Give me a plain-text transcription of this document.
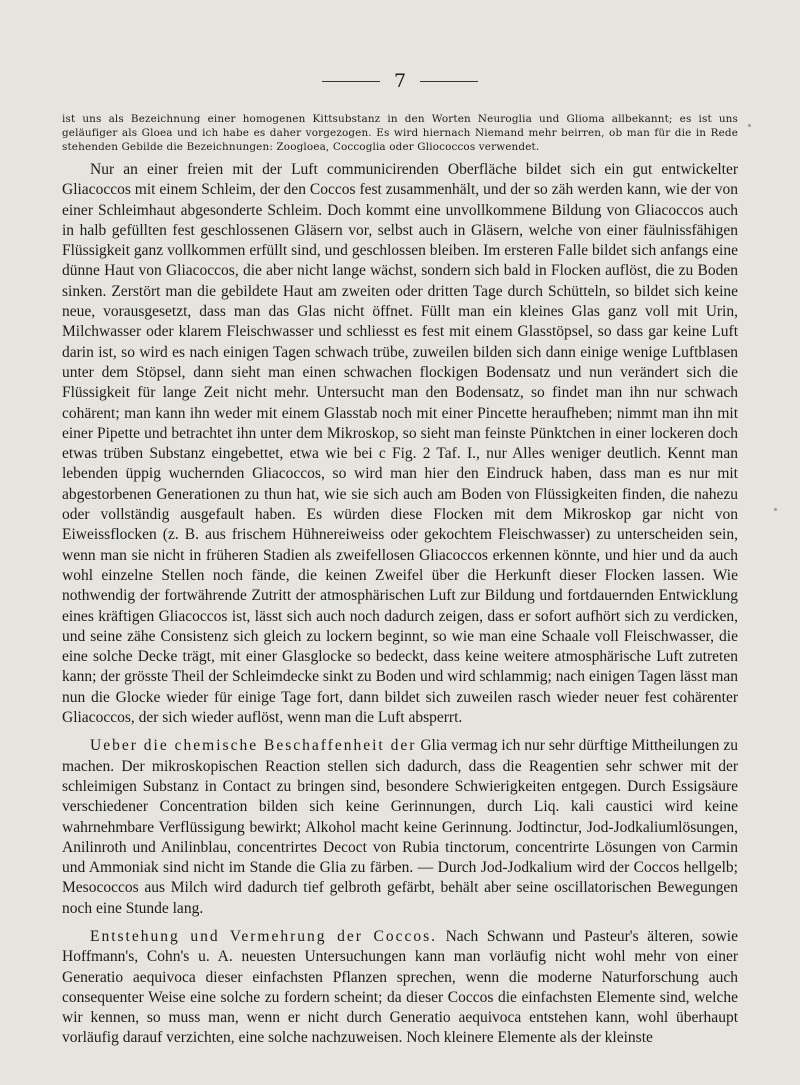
7
ist uns als Bezeichnung einer homogenen Kittsubstanz in den Worten Neuroglia und Glioma allbekannt; es ist uns geläufiger als Gloea und ich habe es daher vorgezogen. Es wird hiernach Niemand mehr beirren, ob man für die in Rede stehenden Gebilde die Bezeichnungen: Zoogloea, Coccoglia oder Gliococcos verwendet.

Nur an einer freien mit der Luft communicirenden Oberfläche bildet sich ein gut entwickelter Gliacoccos mit einem Schleim, der den Coccos fest zusammenhält, und der so zäh werden kann, wie der von einer Schleimhaut abgesonderte Schleim. Doch kommt eine unvollkommene Bildung von Gliacoccos auch in halb gefüllten fest geschlossenen Gläsern vor, selbst auch in Gläsern, welche von einer fäulnissfähigen Flüssigkeit ganz vollkommen erfüllt sind, und geschlossen bleiben. Im ersteren Falle bildet sich anfangs eine dünne Haut von Gliacoccos, die aber nicht lange wächst, sondern sich bald in Flocken auflöst, die zu Boden sinken. Zerstört man die gebildete Haut am zweiten oder dritten Tage durch Schütteln, so bildet sich keine neue, vorausgesetzt, dass man das Glas nicht öffnet. Füllt man ein kleines Glas ganz voll mit Urin, Milchwasser oder klarem Fleischwasser und schliesst es fest mit einem Glasstöpsel, so dass gar keine Luft darin ist, so wird es nach einigen Tagen schwach trübe, zuweilen bilden sich dann einige wenige Luftblasen unter dem Stöpsel, dann sieht man einen schwachen flockigen Bodensatz und nun verändert sich die Flüssigkeit für lange Zeit nicht mehr. Untersucht man den Bodensatz, so findet man ihn nur schwach cohärent; man kann ihn weder mit einem Glasstab noch mit einer Pincette heraufheben; nimmt man ihn mit einer Pipette und betrachtet ihn unter dem Mikroskop, so sieht man feinste Pünktchen in einer lockeren doch etwas trüben Substanz eingebettet, etwa wie bei c Fig. 2 Taf. I., nur Alles weniger deutlich. Kennt man lebenden üppig wuchernden Gliacoccos, so wird man hier den Eindruck haben, dass man es nur mit abgestorbenen Generationen zu thun hat, wie sie sich auch am Boden von Flüssigkeiten finden, die nahezu oder vollständig ausgefault haben. Es würden diese Flocken mit dem Mikroskop gar nicht von Eiweissflocken (z. B. aus frischem Hühnereiweiss oder gekochtem Fleischwasser) zu unterscheiden sein, wenn man sie nicht in früheren Stadien als zweifellosen Gliacoccos erkennen könnte, und hier und da auch wohl einzelne Stellen noch fände, die keinen Zweifel über die Herkunft dieser Flocken lassen. Wie nothwendig der fortwährende Zutritt der atmosphärischen Luft zur Bildung und fortdauernden Entwicklung eines kräftigen Gliacoccos ist, lässt sich auch noch dadurch zeigen, dass er sofort aufhört sich zu verdicken, und seine zähe Consistenz sich gleich zu lockern beginnt, so wie man eine Schaale voll Fleischwasser, die eine solche Decke trägt, mit einer Glasglocke so bedeckt, dass keine weitere atmosphärische Luft zutreten kann; der grösste Theil der Schleimdecke sinkt zu Boden und wird schlammig; nach einigen Tagen lässt man nun die Glocke wieder für einige Tage fort, dann bildet sich zuweilen rasch wieder neuer fest cohärenter Gliacoccos, der sich wieder auflöst, wenn man die Luft absperrt.

Ueber die chemische Beschaffenheit der Glia vermag ich nur sehr dürftige Mittheilungen zu machen. Der mikroskopischen Reaction stellen sich dadurch, dass die Reagentien sehr schwer mit der schleimigen Substanz in Contact zu bringen sind, besondere Schwierigkeiten entgegen. Durch Essigsäure verschiedener Concentration bilden sich keine Gerinnungen, durch Liq. kali caustici wird keine wahrnehmbare Verflüssigung bewirkt; Alkohol macht keine Gerinnung. Jodtinctur, Jod-Jodkaliumlösungen, Anilinroth und Anilinblau, concentrirtes Decoct von Rubia tinctorum, concentrirte Lösungen von Carmin und Ammoniak sind nicht im Stande die Glia zu färben. — Durch Jod-Jodkalium wird der Coccos hellgelb; Mesococcos aus Milch wird dadurch tief gelbroth gefärbt, behält aber seine oscillatorischen Bewegungen noch eine Stunde lang.

Entstehung und Vermehrung der Coccos. Nach Schwann und Pasteur's älteren, sowie Hoffmann's, Cohn's u. A. neuesten Untersuchungen kann man vorläufig nicht wohl mehr von einer Generatio aequivoca dieser einfachsten Pflanzen sprechen, wenn die moderne Naturforschung auch consequenter Weise eine solche zu fordern scheint; da dieser Coccos die einfachsten Elemente sind, welche wir kennen, so muss man, wenn er nicht durch Generatio aequivoca entstehen kann, wohl überhaupt vorläufig darauf verzichten, eine solche nachzuweisen. Noch kleinere Elemente als der kleinste
